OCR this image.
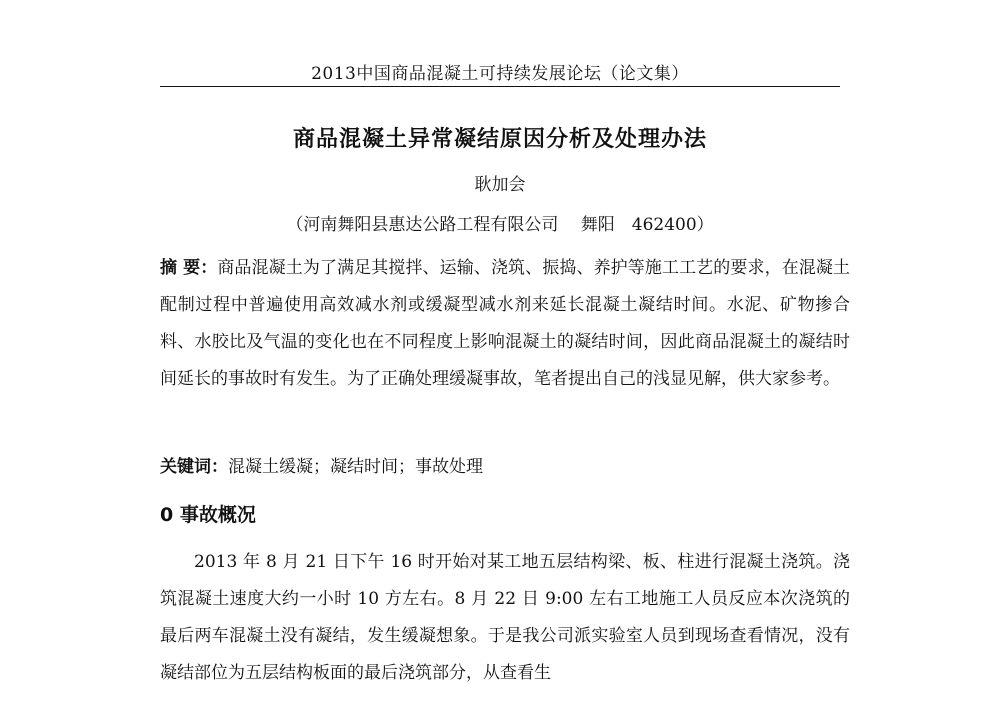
2013中国商品混凝土可持续发展论坛（论文集）
商品混凝土异常凝结原因分析及处理办法
耿加会
（河南舞阳县惠达公路工程有限公司　 舞阳　462400）
摘 要：商品混凝土为了满足其搅拌、运输、浇筑、振捣、养护等施工工艺的要求，在混凝土配制过程中普遍使用高效减水剂或缓凝型减水剂来延长混凝土凝结时间。水泥、矿物掺合料、水胶比及气温的变化也在不同程度上影响混凝土的凝结时间，因此商品混凝土的凝结时间延长的事故时有发生。为了正确处理缓凝事故，笔者提出自己的浅显见解，供大家参考。
关键词：混凝土缓凝；凝结时间；事故处理
0 事故概况
2013 年 8 月 21 日下午 16 时开始对某工地五层结构梁、板、柱进行混凝土浇筑。浇筑混凝土速度大约一小时 10 方左右。8 月 22 日 9:00 左右工地施工人员反应本次浇筑的最后两车混凝土没有凝结，发生缓凝想象。于是我公司派实验室人员到现场查看情况，没有凝结部位为五层结构板面的最后浇筑部分，从查看生
